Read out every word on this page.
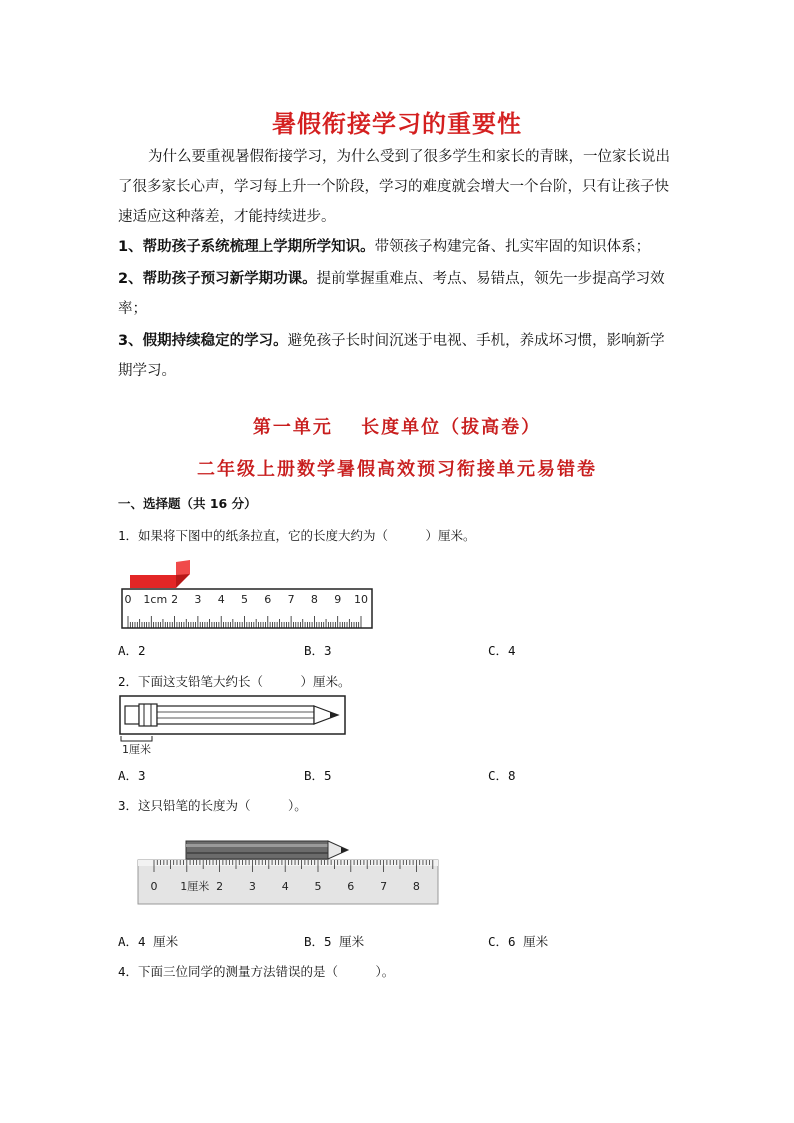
暑假衔接学习的重要性
为什么要重视暑假衔接学习，为什么受到了很多学生和家长的青睐，一位家长说出了很多家长心声，学习每上升一个阶段，学习的难度就会增大一个台阶，只有让孩子快速适应这种落差，才能持续进步。
1、帮助孩子系统梳理上学期所学知识。带领孩子构建完备、扎实牢固的知识体系；
2、帮助孩子预习新学期功课。提前掌握重难点、考点、易错点，领先一步提高学习效率；
3、假期持续稳定的学习。避免孩子长时间沉迷于电视、手机，养成坏习惯，影响新学期学习。
第一单元　 长度单位（拔高卷）
二年级上册数学暑假高效预习衔接单元易错卷
一、选择题（共 16 分）
1．如果将下图中的纸条拉直，它的长度大约为（　　　）厘米。
0 1cm 2 3 4 5 6 7 8 9 10
A．2	B．3	C．4
2．下面这支铅笔大约长（　　　）厘米。
1厘米
A．3	B．5	C．8
3．这只铅笔的长度为（　　　）。
0 1厘米 2 3 4 5 6 7 8
A．4 厘米	B．5 厘米	C．6 厘米
4．下面三位同学的测量方法错误的是（　　　）。
